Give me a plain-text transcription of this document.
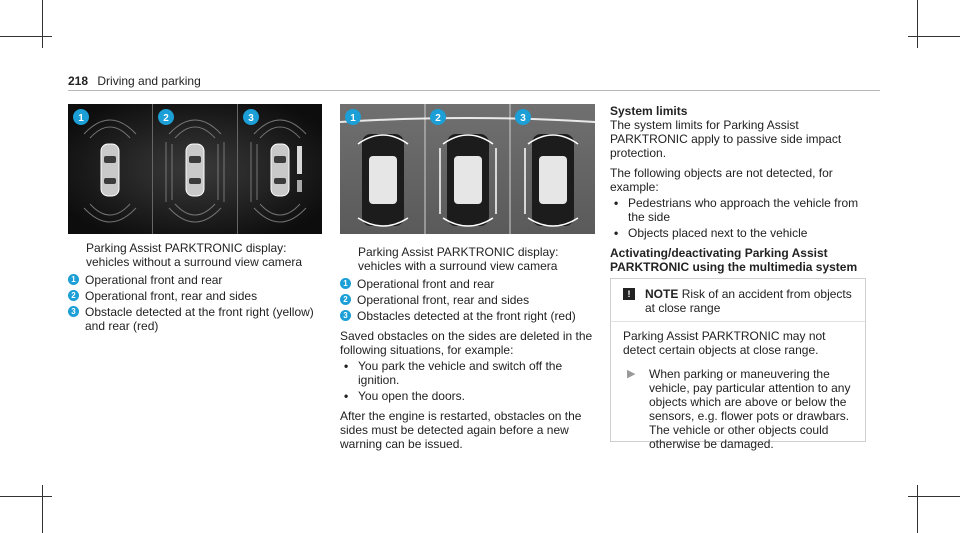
218 Driving and parking
1	2	3	1	2	3
Parking Assist PARKTRONIC display: vehicles without a surround view camera
1 Operational front and rear
2 Operational front, rear and sides
3 Obstacle detected at the front right (yellow) and rear (red)
Parking Assist PARKTRONIC display: vehicles with a surround view camera
1 Operational front and rear
2 Operational front, rear and sides
3 Obstacles detected at the front right (red)
Saved obstacles on the sides are deleted in the following situations, for example:
• You park the vehicle and switch off the ignition.
• You open the doors.
After the engine is restarted, obstacles on the sides must be detected again before a new warning can be issued.
System limits
The system limits for Parking Assist PARKTRONIC apply to passive side impact protection.
The following objects are not detected, for example:
• Pedestrians who approach the vehicle from the side
• Objects placed next to the vehicle
Activating/deactivating Parking Assist PARKTRONIC using the multimedia system
!	NOTE Risk of an accident from objects at close range
Parking Assist PARKTRONIC may not detect certain objects at close range.
▶	When parking or maneuvering the vehicle, pay particular attention to any objects which are above or below the sensors, e.g. flower pots or drawbars. The vehicle or other objects could otherwise be damaged.
